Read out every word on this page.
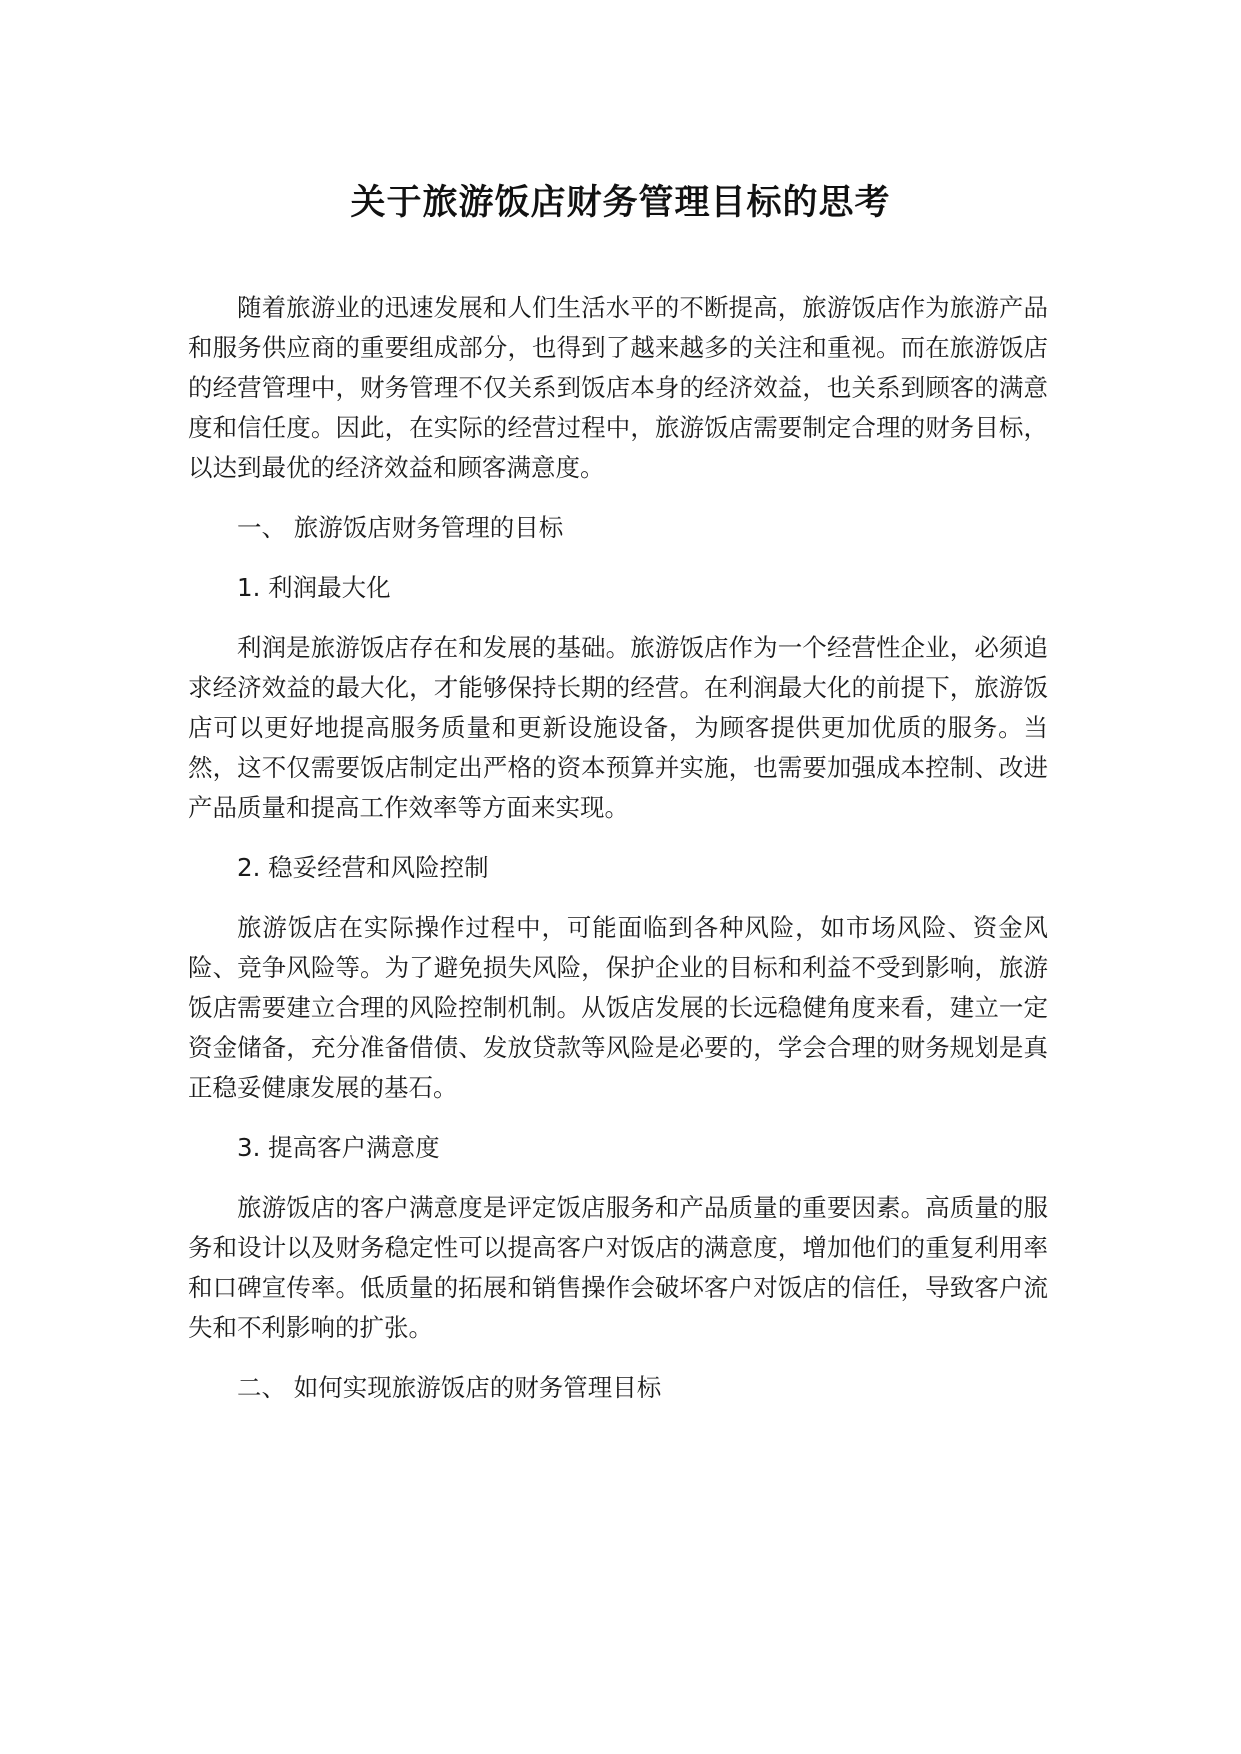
关于旅游饭店财务管理目标的思考

随着旅游业的迅速发展和人们生活水平的不断提高，旅游饭店作为旅游产品和服务供应商的重要组成部分，也得到了越来越多的关注和重视。而在旅游饭店的经营管理中，财务管理不仅关系到饭店本身的经济效益，也关系到顾客的满意度和信任度。因此，在实际的经营过程中，旅游饭店需要制定合理的财务目标，以达到最优的经济效益和顾客满意度。

一、 旅游饭店财务管理的目标

1. 利润最大化

利润是旅游饭店存在和发展的基础。旅游饭店作为一个经营性企业，必须追求经济效益的最大化，才能够保持长期的经营。在利润最大化的前提下，旅游饭店可以更好地提高服务质量和更新设施设备，为顾客提供更加优质的服务。当然，这不仅需要饭店制定出严格的资本预算并实施，也需要加强成本控制、改进产品质量和提高工作效率等方面来实现。

2. 稳妥经营和风险控制

旅游饭店在实际操作过程中，可能面临到各种风险，如市场风险、资金风险、竞争风险等。为了避免损失风险，保护企业的目标和利益不受到影响，旅游饭店需要建立合理的风险控制机制。从饭店发展的长远稳健角度来看，建立一定资金储备，充分准备借债、发放贷款等风险是必要的，学会合理的财务规划是真正稳妥健康发展的基石。

3. 提高客户满意度

旅游饭店的客户满意度是评定饭店服务和产品质量的重要因素。高质量的服务和设计以及财务稳定性可以提高客户对饭店的满意度，增加他们的重复利用率和口碑宣传率。低质量的拓展和销售操作会破坏客户对饭店的信任，导致客户流失和不利影响的扩张。

二、 如何实现旅游饭店的财务管理目标
